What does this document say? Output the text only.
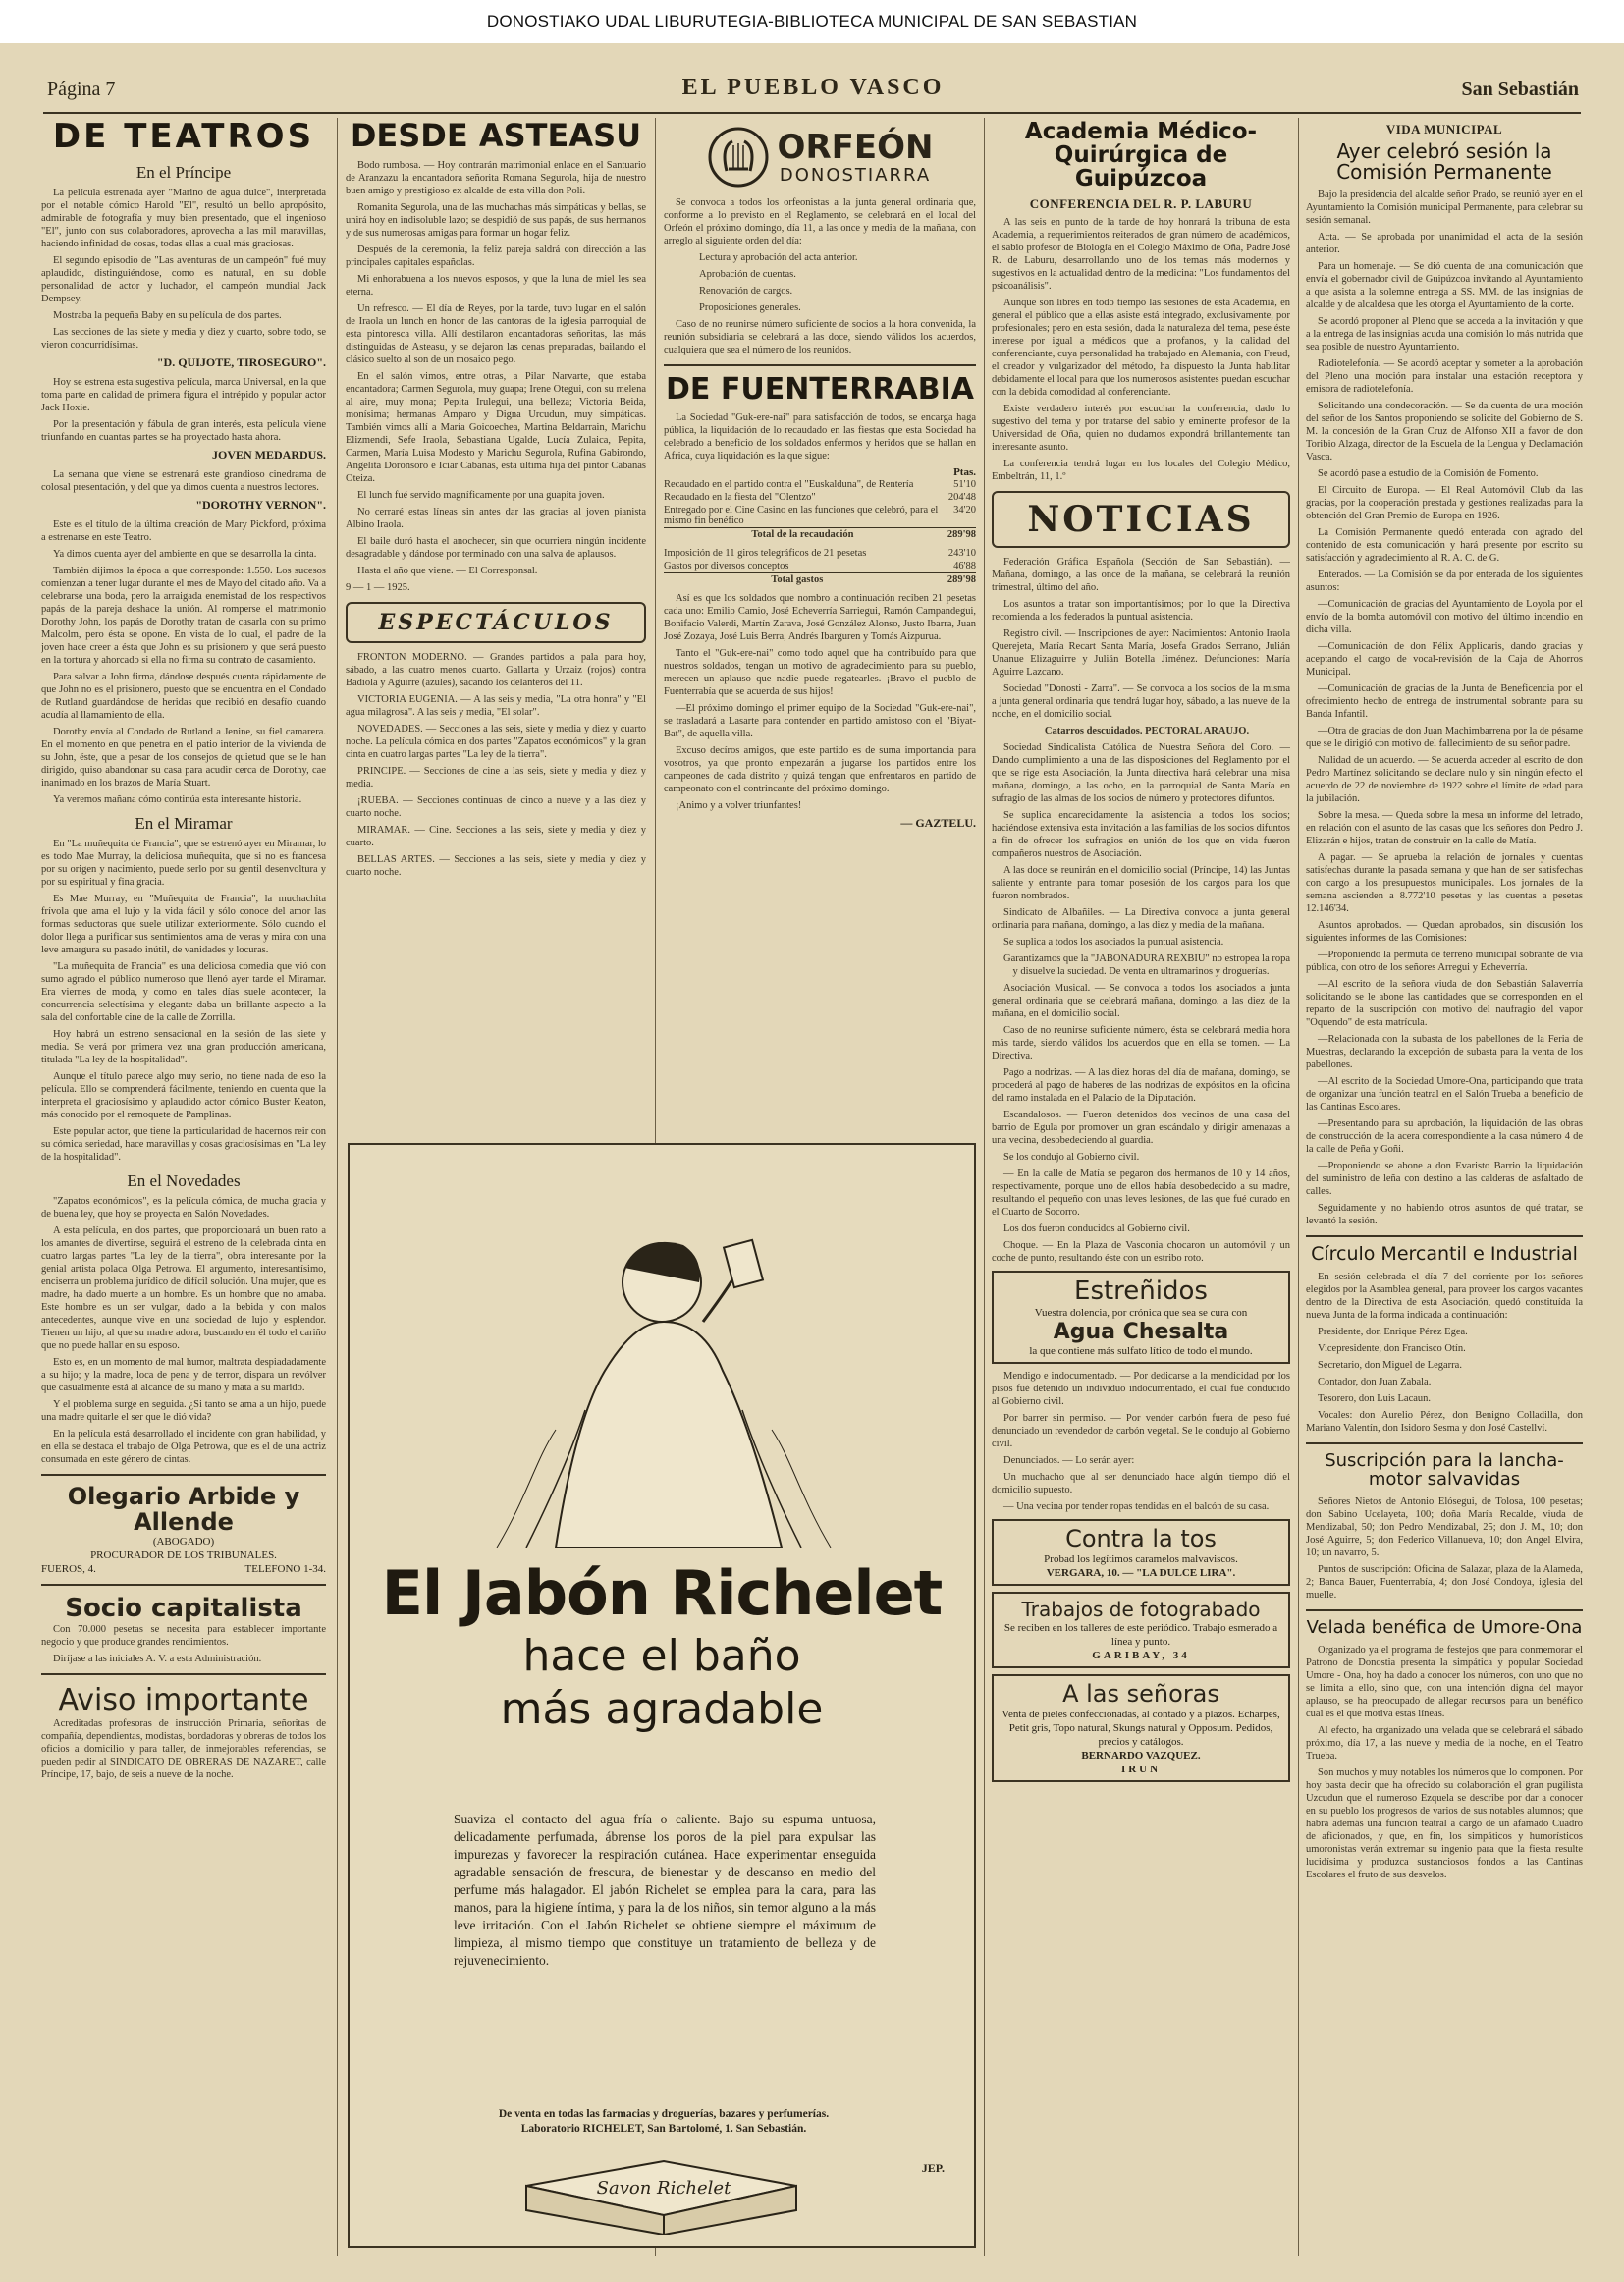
DONOSTIAKO UDAL LIBURUTEGIA-BIBLIOTECA MUNICIPAL DE SAN SEBASTIAN
Página 7	EL PUEBLO VASCO	San Sebastián
DE TEATROS
En el Príncipe

La película estrenada ayer "Marino de agua dulce", interpretada por el notable cómico Harold "El", resultó un bello apropósito, admirable de fotografía y muy bien presentado, que el ingenioso "El", junto con sus colaboradores, aprovecha a las mil maravillas, haciendo infinidad de cosas, todas ellas a cual más graciosas.

El segundo episodio de "Las aventuras de un campeón" fué muy aplaudido, distinguiéndose, como es natural, en su doble personalidad de actor y luchador, el campeón mundial Jack Dempsey.

Mostraba la pequeña Baby en su película de dos partes.

Las secciones de las siete y media y diez y cuarto, sobre todo, se vieron concurridísimas.

"D. QUIJOTE, TIROSEGURO".

Hoy se estrena esta sugestiva película, marca Universal, en la que toma parte en calidad de primera figura el intrépido y popular actor Jack Hoxie.

Por la presentación y fábula de gran interés, esta película viene triunfando en cuantas partes se ha proyectado hasta ahora.

JOVEN MEDARDUS.

La semana que viene se estrenará este grandioso cinedrama de colosal presentación, y del que ya dimos cuenta a nuestros lectores.

"DOROTHY VERNON".

Este es el título de la última creación de Mary Pickford, próxima a estrenarse en este Teatro.

Ya dimos cuenta ayer del ambiente en que se desarrolla la cinta.

También dijimos la época a que corresponde: 1.550. Los sucesos comienzan a tener lugar durante el mes de Mayo del citado año. Va a celebrarse una boda, pero la arraigada enemistad de los respectivos papás de la pareja deshace la unión. Al romperse el matrimonio Dorothy John, los papás de Dorothy tratan de casarla con su primo Malcolm, pero ésta se opone. En vista de lo cual, el padre de la joven hace creer a ésta que John es su prisionero y que será puesto en la tortura y ahorcado si ella no firma su contrato de casamiento.

Para salvar a John firma, dándose después cuenta rápidamente de que John no es el prisionero, puesto que se encuentra en el Condado de Rutland guardándose de heridas que recibió en desafío cuando acudía al llamamiento de ella.

Dorothy envía al Condado de Rutland a Jenine, su fiel camarera. En el momento en que penetra en el patio interior de la vivienda de su John, éste, que a pesar de los consejos de quietud que se le han dirigido, quiso abandonar su casa para acudir cerca de Dorothy, cae inanimado en los brazos de María Stuart.

Ya veremos mañana cómo continúa esta interesante historia.

En el Miramar

En "La muñequita de Francia", que se estrenó ayer en Miramar, lo es todo Mae Murray, la deliciosa muñequita, que si no es francesa por su origen y nacimiento, puede serlo por su gentil desenvoltura y por su espiritual y fina gracia.

Es Mae Murray, en "Muñequita de Francia", la muchachita frívola que ama el lujo y la vida fácil y sólo conoce del amor las formas seductoras que suele utilizar exteriormente. Sólo cuando el dolor llega a purificar sus sentimientos ama de veras y mira con una leve amargura su pasado inútil, de vanidades y locuras.

"La muñequita de Francia" es una deliciosa comedia que vió con sumo agrado el público numeroso que llenó ayer tarde el Miramar. Era viernes de moda, y como en tales días suele acontecer, la concurrencia selectísima y elegante daba un brillante aspecto a la sala del confortable cine de la calle de Zorrilla.

Hoy habrá un estreno sensacional en la sesión de las siete y media. Se verá por primera vez una gran producción americana, titulada "La ley de la hospitalidad".

Aunque el título parece algo muy serio, no tiene nada de eso la película. Ello se comprenderá fácilmente, teniendo en cuenta que la interpreta el graciosísimo y aplaudido actor cómico Buster Keaton, más conocido por el remoquete de Pamplinas.

Este popular actor, que tiene la particularidad de hacernos reir con su cómica seriedad, hace maravillas y cosas graciosísimas en "La ley de la hospitalidad".

En el Novedades

"Zapatos económicos", es la película cómica, de mucha gracia y de buena ley, que hoy se proyecta en Salón Novedades.

A esta película, en dos partes, que proporcionará un buen rato a los amantes de divertirse, seguirá el estreno de la celebrada cinta en cuatro largas partes "La ley de la tierra", obra interesante por la genial artista polaca Olga Petrowa. El argumento, interesantísimo, enciserra un problema jurídico de difícil solución. Una mujer, que es madre, ha dado muerte a un hombre. Es un hombre que no amaba. Este hombre es un ser vulgar, dado a la bebida y con malos antecedentes, aunque vive en una sociedad de lujo y esplendor. Tienen un hijo, al que su madre adora, buscando en él todo el cariño que no puede hallar en su esposo.

Esto es, en un momento de mal humor, maltrata despiadadamente a su hijo; y la madre, loca de pena y de terror, dispara un revólver que casualmente está al alcance de su mano y mata a su marido.

Y el problema surge en seguida. ¿Si tanto se ama a un hijo, puede una madre quitarle el ser que le dió vida?

En la película está desarrollado el incidente con gran habilidad, y en ella se destaca el trabajo de Olga Petrowa, que es el de una actriz consumada en este género de cintas.

Olegario Arbide y Allende
(ABOGADO)
PROCURADOR DE LOS TRIBUNALES.
FUEROS, 4.	TELEFONO 1-34.
Socio capitalista

Con 70.000 pesetas se necesita para establecer importante negocio y que produce grandes rendimientos.

Diríjase a las iniciales A. V. a esta Administración.

Aviso importante

Acreditadas profesoras de instrucción Primaria, señoritas de compañía, dependientas, modistas, bordadoras y obreras de todos los oficios a domicilio y para taller, de inmejorables referencias, se pueden pedir al SINDICATO DE OBRERAS DE NAZARET, calle Príncipe, 17, bajo, de seis a nueve de la noche.

DESDE ASTEASU

Bodo rumbosa. — Hoy contrarán matrimonial enlace en el Santuario de Aranzazu la encantadora señorita Romana Segurola, hija de nuestro buen amigo y prestigioso ex alcalde de esta villa don Poli.

Romanita Segurola, una de las muchachas más simpáticas y bellas, se unirá hoy en indisoluble lazo; se despidió de sus papás, de sus hermanos y de sus numerosas amigas para formar un hogar feliz.

Después de la ceremonia, la feliz pareja saldrá con dirección a las principales capitales españolas.

Mi enhorabuena a los nuevos esposos, y que la luna de miel les sea eterna.

Un refresco. — El día de Reyes, por la tarde, tuvo lugar en el salón de Iraola un lunch en honor de las cantoras de la iglesia parroquial de esta pintoresca villa. Allí destilaron encantadoras señoritas, las más distinguidas de Asteasu, y se dejaron las cenas preparadas, bailando el clásico suelto al son de un mosaico pego.

En el salón vimos, entre otras, a Pilar Narvarte, que estaba encantadora; Carmen Segurola, muy guapa; Irene Otegui, con su melena al aire, muy mona; Pepita Irulegui, una belleza; Victoria Beida, monísima; hermanas Amparo y Digna Urcudun, muy simpáticas. También vimos allí a María Goicoechea, Martina Beldarrain, Marichu Elizmendi, Sefe Iraola, Sebastiana Ugalde, Lucía Zulaica, Pepita, Carmen, María Luisa Modesto y Marichu Segurola, Rufina Gabirondo, Angelita Doronsoro e Iciar Cabanas, esta última hija del pintor Cabanas Oteiza.

El lunch fué servido magníficamente por una guapita joven.

No cerraré estas líneas sin antes dar las gracias al joven pianista Albino Iraola.

El baile duró hasta el anochecer, sin que ocurriera ningún incidente desagradable y dándose por terminado con una salva de aplausos.

Hasta el año que viene. — El Corresponsal.

9 — 1 — 1925.

ESPECTÁCULOS

FRONTON MODERNO. — Grandes partidos a pala para hoy, sábado, a las cuatro menos cuarto. Gallarta y Urzaiz (rojos) contra Badiola y Aguirre (azules), sacando los delanteros del 11.

VICTORIA EUGENIA. — A las seis y media, "La otra honra" y "El agua milagrosa". A las seis y media, "El solar".

NOVEDADES. — Secciones a las seis, siete y media y diez y cuarto noche. La película cómica en dos partes "Zapatos económicos" y la gran cinta en cuatro largas partes "La ley de la tierra".

PRINCIPE. — Secciones de cine a las seis, siete y media y diez y media.

¡RUEBA. — Secciones continuas de cinco a nueve y a las diez y cuarto noche.

MIRAMAR. — Cine. Secciones a las seis, siete y media y diez y cuarto.

BELLAS ARTES. — Secciones a las seis, siete y media y diez y cuarto noche.

ORFEÓN
DONOSTIARRA

Se convoca a todos los orfeonistas a la junta general ordinaria que, conforme a lo previsto en el Reglamento, se celebrará en el local del Orfeón el próximo domingo, día 11, a las once y media de la mañana, con arreglo al siguiente orden del día:

Lectura y aprobación del acta anterior.

Aprobación de cuentas.

Renovación de cargos.

Proposiciones generales.

Caso de no reunirse número suficiente de socios a la hora convenida, la reunión subsidiaria se celebrará a las doce, siendo válidos los acuerdos, cualquiera que sea el número de los reunidos.

DE FUENTERRABIA

La Sociedad "Guk-ere-nai" para satisfacción de todos, se encarga haga pública, la liquidación de lo recaudado en las fiestas que esta Sociedad ha celebrado a beneficio de los soldados enfermos y heridos que se hallan en Africa, cuya liquidación es la que sigue:

Ptas.
Recaudado en el partido contra el "Euskalduna", de Rentería	51'10
Recaudado en la fiesta del "Olentzo"	204'48
Entregado por el Cine Casino en las funciones que celebró, para el mismo fin benéfico	34'20
Total de la recaudación	289'98
Imposición de 11 giros telegráficos de 21 pesetas	243'10
Gastos por diversos conceptos	46'88
Total gastos	289'98

Así es que los soldados que nombro a continuación reciben 21 pesetas cada uno: Emilio Camio, José Echeverría Sarriegui, Ramón Campandegui, Bonifacio Valerdi, Martín Zarava, José González Alonso, Justo Ibarra, Juan José Zozaya, José Luis Berra, Andrés Ibarguren y Tomás Aizpurua.

Tanto el "Guk-ere-nai" como todo aquel que ha contribuído para que nuestros soldados, tengan un motivo de agradecimiento para su pueblo, merecen un aplauso que nadie puede regatearles. ¡Bravo el pueblo de Fuenterrabía que se acuerda de sus hijos!

—El próximo domingo el primer equipo de la Sociedad "Guk-ere-nai", se trasladará a Lasarte para contender en partido amistoso con el "Biyat-Bat", de aquella villa.

Excuso decíros amigos, que este partido es de suma importancia para vosotros, ya que pronto empezarán a jugarse los partidos entre los campeones de cada distrito y quizá tengan que enfrentaros en partido de campeonato con el contrincante del próximo domingo.

¡Animo y a volver triunfantes!

— GAZTELU.
El Jabón Richelet
hace el baño
más agradable
Suaviza el contacto del agua fría o caliente. Bajo su espuma untuosa, delicadamente perfumada, ábrense los poros de la piel para expulsar las impurezas y favorecer la respiración cutánea. Hace experimentar enseguida agradable sensación de frescura, de bienestar y de descanso en medio del perfume más halagador. El jabón Richelet se emplea para la cara, para las manos, para la higiene íntima, y para la de los niños, sin temor alguno a la más leve irritación. Con el Jabón Richelet se obtiene siempre el máximum de limpieza, al mismo tiempo que constituye un tratamiento de belleza y de rejuvenecimiento.
De venta en todas las farmacias y droguerías, bazares y perfumerías.
Laboratorio RICHELET, San Bartolomé, 1. San Sebastián.
Savon Richelet
JEP.
Academia Médico-Quirúrgica de Guipúzcoa
CONFERENCIA DEL R. P. LABURU

A las seis en punto de la tarde de hoy honrará la tribuna de esta Academia, a requerimientos reiterados de gran número de académicos, el sabio profesor de Biología en el Colegio Máximo de Oña, Padre José R. de Laburu, desarrollando uno de los temas más modernos y sugestivos en la actualidad dentro de la medicina: "Los fundamentos del psicoanálisis".

Aunque son libres en todo tiempo las sesiones de esta Academia, en general el público que a ellas asiste está integrado, exclusivamente, por profesionales; pero en esta sesión, dada la naturaleza del tema, pese éste interese por igual a médicos que a profanos, y la calidad del conferenciante, cuya personalidad ha trabajado en Alemania, con Freud, el creador y vulgarizador del método, ha dispuesto la Junta habilitar debidamente el local para que los numerosos asistentes puedan escuchar con la debida comodidad al conferenciante.

Existe verdadero interés por escuchar la conferencia, dado lo sugestivo del tema y por tratarse del sabio y eminente profesor de la Universidad de Oña, quien no dudamos expondrá brillantemente tan interesante asunto.

La conferencia tendrá lugar en los locales del Colegio Médico, Embeltrán, 11, 1.º

NOTICIAS

Federación Gráfica Española (Sección de San Sebastián). — Mañana, domingo, a las once de la mañana, se celebrará la reunión trimestral, último del año.

Los asuntos a tratar son importantísimos; por lo que la Directiva recomienda a los federados la puntual asistencia.

Registro civil. — Inscripciones de ayer: Nacimientos: Antonio Iraola Querejeta, María Recart Santa María, Josefa Grados Serrano, Julián Unanue Elizaguirre y Julián Botella Jiménez. Defunciones: María Aguirre Lazcano.

Sociedad "Donosti - Zarra". — Se convoca a los socios de la misma a junta general ordinaria que tendrá lugar hoy, sábado, a las nueve de la noche, en el domicilio social.

Catarros descuidados. PECTORAL ARAUJO.

Sociedad Sindicalista Católica de Nuestra Señora del Coro. — Dando cumplimiento a una de las disposiciones del Reglamento por el que se rige esta Asociación, la Junta directiva hará celebrar una misa mañana, domingo, a las ocho, en la parroquial de Santa María en sufragio de las almas de los socios de número y protectores difuntos.

Se suplica encarecidamente la asistencia a todos los socios; haciéndose extensiva esta invitación a las familias de los socios difuntos a fin de ofrecer los sufragios en unión de los que en vida fueron compañeros nuestros de Asociación.

A las doce se reunirán en el domicilio social (Príncipe, 14) las Juntas saliente y entrante para tomar posesión de los cargos para los que fueron nombrados.

Sindicato de Albañiles. — La Directiva convoca a junta general ordinaria para mañana, domingo, a las diez y media de la mañana.

Se suplica a todos los asociados la puntual asistencia.

Garantizamos que la "JABONADURA REXBIU" no estropea la ropa y disuelve la suciedad. De venta en ultramarinos y droguerías.

Asociación Musical. — Se convoca a todos los asociados a junta general ordinaria que se celebrará mañana, domingo, a las diez de la mañana, en el domicilio social.

Caso de no reunirse suficiente número, ésta se celebrará media hora más tarde, siendo válidos los acuerdos que en ella se tomen. — La Directiva.

Pago a nodrizas. — A las diez horas del día de mañana, domingo, se procederá al pago de haberes de las nodrizas de expósitos en la oficina del ramo instalada en el Palacio de la Diputación.

Escandalosos. — Fueron detenidos dos vecinos de una casa del barrio de Egula por promover un gran escándalo y dirigir amenazas a una vecina, desobedeciendo al guardia.

Se los condujo al Gobierno civil.

— En la calle de Matía se pegaron dos hermanos de 10 y 14 años, respectivamente, porque uno de ellos había desobedecido a su madre, resultando el pequeño con unas leves lesiones, de las que fué curado en el Cuarto de Socorro.

Los dos fueron conducidos al Gobierno civil.

Choque. — En la Plaza de Vasconia chocaron un automóvil y un coche de punto, resultando éste con un estribo roto.

Estreñidos
Vuestra dolencia, por crónica que sea se cura con
Agua Chesalta
la que contiene más sulfato lítico de todo el mundo.

Mendigo e indocumentado. — Por dedicarse a la mendicidad por los pisos fué detenido un individuo indocumentado, el cual fué conducido al Gobierno civil.

Por barrer sin permiso. — Por vender carbón fuera de peso fué denunciado un revendedor de carbón vegetal. Se le condujo al Gobierno civil.

Denunciados. — Lo serán ayer:

Un muchacho que al ser denunciado hace algún tiempo dió el domicilio supuesto.

— Una vecina por tender ropas tendidas en el balcón de su casa.

Contra la tos
Probad los legítimos caramelos malvaviscos.
VERGARA, 10. — "LA DULCE LIRA".
Trabajos de fotograbado
Se reciben en los talleres de este periódico. Trabajo esmerado a línea y punto.
GARIBAY, 34
A las señoras
Venta de pieles confeccionadas, al contado y a plazos. Echarpes, Petit gris, Topo natural, Skungs natural y Opposum. Pedidos, precios y catálogos.
BERNARDO VAZQUEZ.
IRUN
VIDA MUNICIPAL
Ayer celebró sesión la Comisión Permanente

Bajo la presidencia del alcalde señor Prado, se reunió ayer en el Ayuntamiento la Comisión municipal Permanente, para celebrar su sesión semanal.

Acta. — Se aprobada por unanimidad el acta de la sesión anterior.

Para un homenaje. — Se dió cuenta de una comunicación que envía el gobernador civil de Guipúzcoa invitando al Ayuntamiento a que asista a la solemne entrega a SS. MM. de las insignias de alcalde y de alcaldesa que les otorga el Ayuntamiento de la corte.

Se acordó proponer al Pleno que se acceda a la invitación y que a la entrega de las insignias acuda una comisión lo más nutrida que sea posible de nuestro Ayuntamiento.

Radiotelefonía. — Se acordó aceptar y someter a la aprobación del Pleno una moción para instalar una estación receptora y emisora de radiotelefonía.

Solicitando una condecoración. — Se da cuenta de una moción del señor de los Santos proponiendo se solicite del Gobierno de S. M. la concesión de la Gran Cruz de Alfonso XII a favor de don Toribio Alzaga, director de la Escuela de la Lengua y Declamación Vasca.

Se acordó pase a estudio de la Comisión de Fomento.

El Circuito de Europa. — El Real Automóvil Club da las gracias, por la cooperación prestada y gestiones realizadas para la obtención del Gran Premio de Europa en 1926.

La Comisión Permanente quedó enterada con agrado del contenido de esta comunicación y hará presente por escrito su satisfacción y agradecimiento al R. A. C. de G.

Enterados. — La Comisión se da por enterada de los siguientes asuntos:

—Comunicación de gracias del Ayuntamiento de Loyola por el envío de la bomba automóvil con motivo del último incendio en dicha villa.

—Comunicación de don Félix Applicaris, dando gracias y aceptando el cargo de vocal-revisión de la Caja de Ahorros Municipal.

—Comunicación de gracias de la Junta de Beneficencia por el ofrecimiento hecho de entrega de instrumental sobrante para su Banda Infantil.

—Otra de gracias de don Juan Machimbarrena por la de pésame que se le dirigió con motivo del fallecimiento de su señor padre.

Nulidad de un acuerdo. — Se acuerda acceder al escrito de don Pedro Martínez solicitando se declare nulo y sin ningún efecto el acuerdo de 22 de noviembre de 1922 sobre el límite de edad para la jubilación.

Sobre la mesa. — Queda sobre la mesa un informe del letrado, en relación con el asunto de las casas que los señores don Pedro J. Elizarán e hijos, tratan de construir en la calle de Matía.

A pagar. — Se aprueba la relación de jornales y cuentas satisfechas durante la pasada semana y que han de ser satisfechas con cargo a los presupuestos municipales. Los jornales de la semana ascienden a 8.772'10 pesetas y las cuentas a pesetas 12.146'34.

Asuntos aprobados. — Quedan aprobados, sin discusión los siguientes informes de las Comisiones:

—Proponiendo la permuta de terreno municipal sobrante de vía pública, con otro de los señores Arregui y Echeverría.

—Al escrito de la señora viuda de don Sebastián Salaverría solicitando se le abone las cantidades que se corresponden en el reparto de la suscripción con motivo del naufragio del vapor "Oquendo" de esta matrícula.

—Relacionada con la subasta de los pabellones de la Feria de Muestras, declarando la excepción de subasta para la venta de los pabellones.

—Al escrito de la Sociedad Umore-Ona, participando que trata de organizar una función teatral en el Salón Trueba a beneficio de las Cantinas Escolares.

—Presentando para su aprobación, la liquidación de las obras de construcción de la acera correspondiente a la casa número 4 de la calle de Peña y Goñi.

—Proponiendo se abone a don Evaristo Barrio la liquidación del suministro de leña con destino a las calderas de asfaltado de calles.

Seguidamente y no habiendo otros asuntos de qué tratar, se levantó la sesión.

Círculo Mercantil e Industrial

En sesión celebrada el día 7 del corriente por los señores elegidos por la Asamblea general, para proveer los cargos vacantes dentro de la Directiva de esta Asociación, quedó constituída la nueva Junta de la forma indicada a continuación:

Presidente, don Enrique Pérez Egea.

Vicepresidente, don Francisco Otín.

Secretario, don Miguel de Legarra.

Contador, don Juan Zabala.

Tesorero, don Luis Lacaun.

Vocales: don Aurelio Pérez, don Benigno Colladilla, don Mariano Valentín, don Isidoro Sesma y don José Castellví.

Suscripción para la lancha-motor salvavidas

Señores Nietos de Antonio Elósegui, de Tolosa, 100 pesetas; don Sabino Ucelayeta, 100; doña María Recalde, viuda de Mendizabal, 50; don Pedro Mendizabal, 25; don J. M., 10; don José Aguirre, 5; don Federico Villanueva, 10; don Angel Elvira, 10; un navarro, 5.

Puntos de suscripción: Oficina de Salazar, plaza de la Alameda, 2; Banca Bauer, Fuenterrabía, 4; don José Condoya, iglesia del muelle.

Velada benéfica de Umore-Ona

Organizado ya el programa de festejos que para conmemorar el Patrono de Donostia presenta la simpática y popular Sociedad Umore - Ona, hoy ha dado a conocer los números, con uno que no se limita a ello, sino que, con una intención digna del mayor aplauso, se ha preocupado de allegar recursos para un benéfico cual es el que motiva estas líneas.

Al efecto, ha organizado una velada que se celebrará el sábado próximo, día 17, a las nueve y media de la noche, en el Teatro Trueba.

Son muchos y muy notables los números que lo componen. Por hoy basta decir que ha ofrecido su colaboración el gran pugilista Uzcudun que el numeroso Ezquela se describe por dar a conocer en su pueblo los progresos de varios de sus notables alumnos; que habrá además una función teatral a cargo de un afamado Cuadro de aficionados, y que, en fin, los simpáticos y humorísticos umoronistas verán extremar su ingenio para que la fiesta resulte lucidísima y produzca sustanciosos fondos a las Cantinas Escolares el fruto de sus desvelos.
